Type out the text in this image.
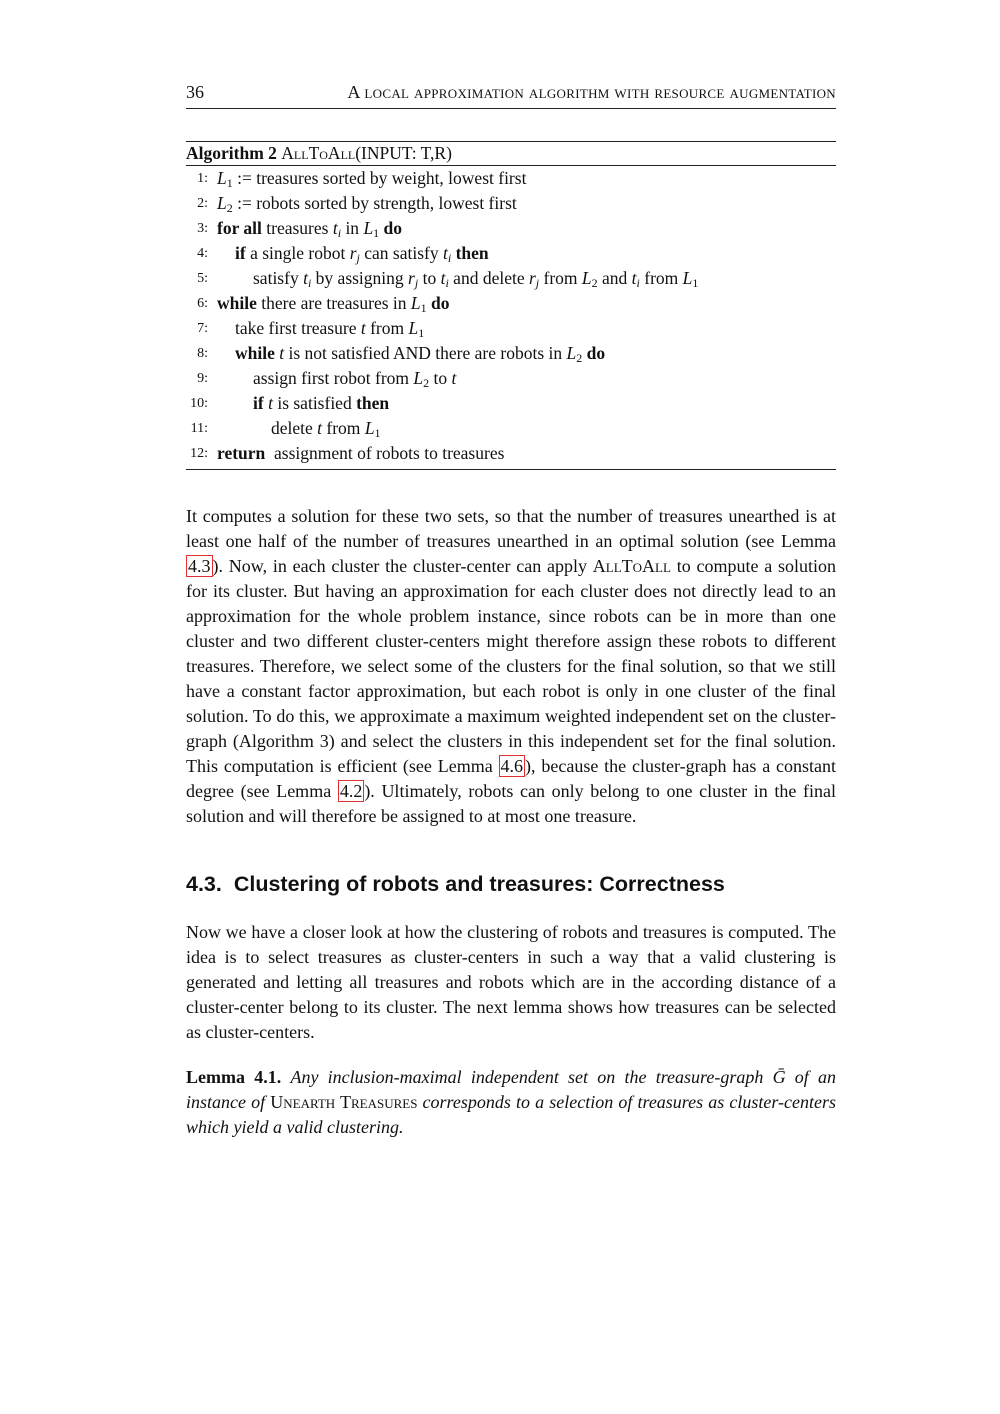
36	A local approximation algorithm with resource augmentation
Algorithm 2 AllToAll(INPUT: T,R)
1: $L_1$ := treasures sorted by weight, lowest first
2: $L_2$ := robots sorted by strength, lowest first
3: for all treasures $t_i$ in $L_1$ do
4: if a single robot $r_j$ can satisfy $t_i$ then
5:	satisfy $t_i$ by assigning $r_j$ to $t_i$ and delete $r_j$ from $L_2$ and $t_i$ from $L_1$
6: while there are treasures in $L_1$ do
7: take first treasure t from $L_1$
8: while t is not satisfied AND there are robots in $L_2$ do
9:	assign first robot from $L_2$ to t
10:	if t is satisfied then
11:	delete t from $L_1$
12: return  assignment of robots to treasures

It computes a solution for these two sets, so that the number of treasures unearthed is at least one half of the number of treasures unearthed in an optimal solution (see Lemma 4.3 ). Now, in each cluster the cluster-center can apply AllToAll to compute a solution for its cluster. But having an approximation for each cluster does not directly lead to an approximation for the whole problem instance, since robots can be in more than one cluster and two different cluster-centers might therefore assign these robots to different treasures. Therefore, we select some of the clusters for the final solution, so that we still have a constant factor approximation, but each robot is only in one cluster of the final solution. To do this, we approximate a maximum weighted independent set on the cluster-graph (Algorithm 3) and select the clusters in this independent set for the final solution. This computation is efficient (see Lemma 4.6 ), because the cluster-graph has a constant degree (see Lemma 4.2 ). Ultimately, robots can only belong to one cluster in the final solution and will therefore be assigned to at most one treasure.

4.3. Clustering of robots and treasures: Correctness

Now we have a closer look at how the clustering of robots and treasures is computed. The idea is to select treasures as cluster-centers in such a way that a valid clustering is generated and letting all treasures and robots which are in the according distance of a cluster-center belong to its cluster. The next lemma shows how treasures can be selected as cluster-centers.

Lemma 4.1. Any inclusion-maximal independent set on the treasure-graph Ḡ of an instance of Unearth Treasures corresponds to a selection of treasures as cluster-centers which yield a valid clustering.
